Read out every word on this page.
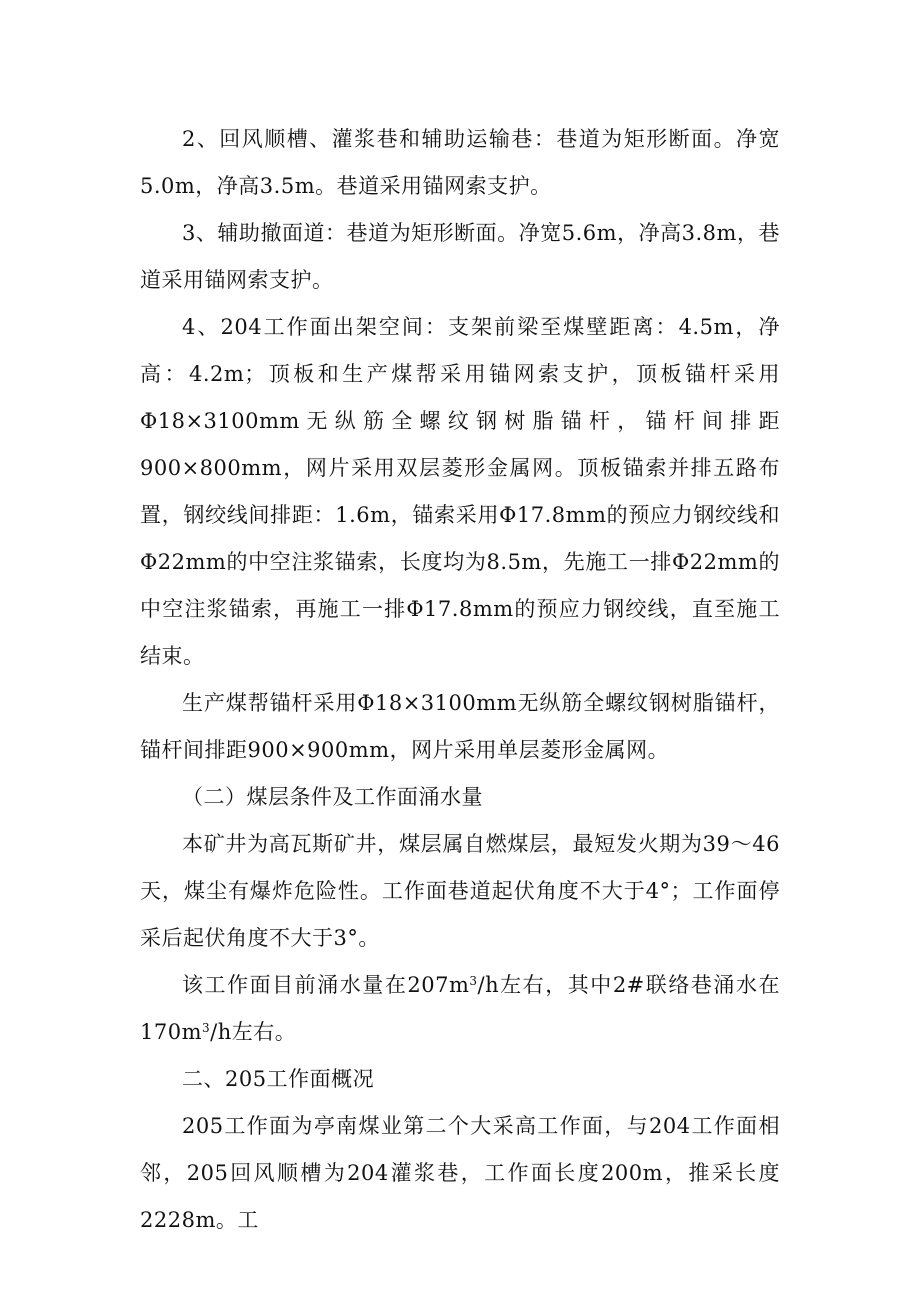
2、回风顺槽、灌浆巷和辅助运输巷：巷道为矩形断面。净宽5.0m，净高3.5m。巷道采用锚网索支护。

3、辅助撤面道：巷道为矩形断面。净宽5.6m，净高3.8m，巷道采用锚网索支护。

4、204工作面出架空间：支架前梁至煤壁距离：4.5m，净高：4.2m；顶板和生产煤帮采用锚网索支护，顶板锚杆采用Φ18×3100mm无纵筋全螺纹钢树脂锚杆，锚杆间排距900×800mm，网片采用双层菱形金属网。顶板锚索并排五路布置，钢绞线间排距：1.6m，锚索采用Φ17.8mm的预应力钢绞线和Φ22mm的中空注浆锚索，长度均为8.5m，先施工一排Φ22mm的中空注浆锚索，再施工一排Φ17.8mm的预应力钢绞线，直至施工结束。

生产煤帮锚杆采用Φ18×3100mm无纵筋全螺纹钢树脂锚杆，锚杆间排距900×900mm，网片采用单层菱形金属网。

（二）煤层条件及工作面涌水量

本矿井为高瓦斯矿井，煤层属自燃煤层，最短发火期为39～46天，煤尘有爆炸危险性。工作面巷道起伏角度不大于4°；工作面停采后起伏角度不大于3°。

该工作面目前涌水量在$207m^3/h$左右，其中2#联络巷涌水在$170m^3/h$左右。

二、205工作面概况

205工作面为亭南煤业第二个大采高工作面，与204工作面相邻，205回风顺槽为204灌浆巷，工作面长度200m，推采长度2228m。工
